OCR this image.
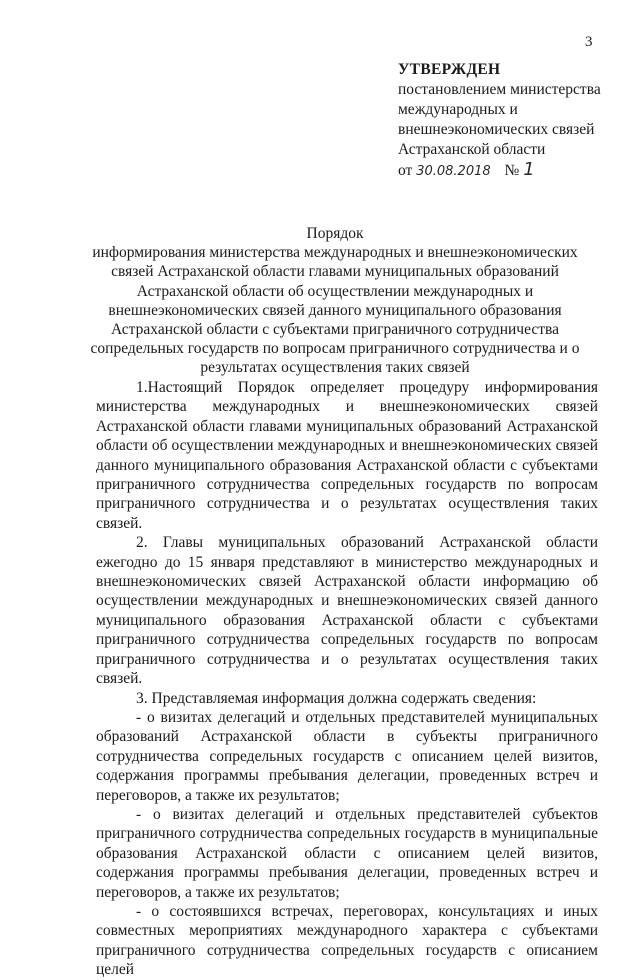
3
УТВЕРЖДЕН
постановлением министерства
международных и
внешнеэкономических связей
Астраханской области
от 30.08.2018 № 1
Порядок
информирования министерства международных и внешнеэкономических связей Астраханской области главами муниципальных образований Астраханской области об осуществлении международных и внешнеэкономических связей данного муниципального образования Астраханской области с субъектами приграничного сотрудничества сопредельных государств по вопросам приграничного сотрудничества и о результатах осуществления таких связей

1.Настоящий Порядок определяет процедуру информирования министерства международных и внешнеэкономических связей Астраханской области главами муниципальных образований Астраханской области об осуществлении международных и внешнеэкономических связей данного муниципального образования Астраханской области с субъектами приграничного сотрудничества сопредельных государств по вопросам приграничного сотрудничества и о результатах осуществления таких связей.

2. Главы муниципальных образований Астраханской области ежегодно до 15 января представляют в министерство международных и внешнеэкономических связей Астраханской области информацию об осуществлении международных и внешнеэкономических связей данного муниципального образования Астраханской области с субъектами приграничного сотрудничества сопредельных государств по вопросам приграничного сотрудничества и о результатах осуществления таких связей.

3. Представляемая информация должна содержать сведения:

- о визитах делегаций и отдельных представителей муниципальных образований Астраханской области в субъекты приграничного сотрудничества сопредельных государств с описанием целей визитов, содержания программы пребывания делегации, проведенных встреч и переговоров, а также их результатов;

- о визитах делегаций и отдельных представителей субъектов приграничного сотрудничества сопредельных государств в муниципальные образования Астраханской области с описанием целей визитов, содержания программы пребывания делегации, проведенных встреч и переговоров, а также их результатов;

- о состоявшихся встречах, переговорах, консультациях и иных совместных мероприятиях международного характера с субъектами приграничного сотрудничества сопредельных государств с описанием целей
